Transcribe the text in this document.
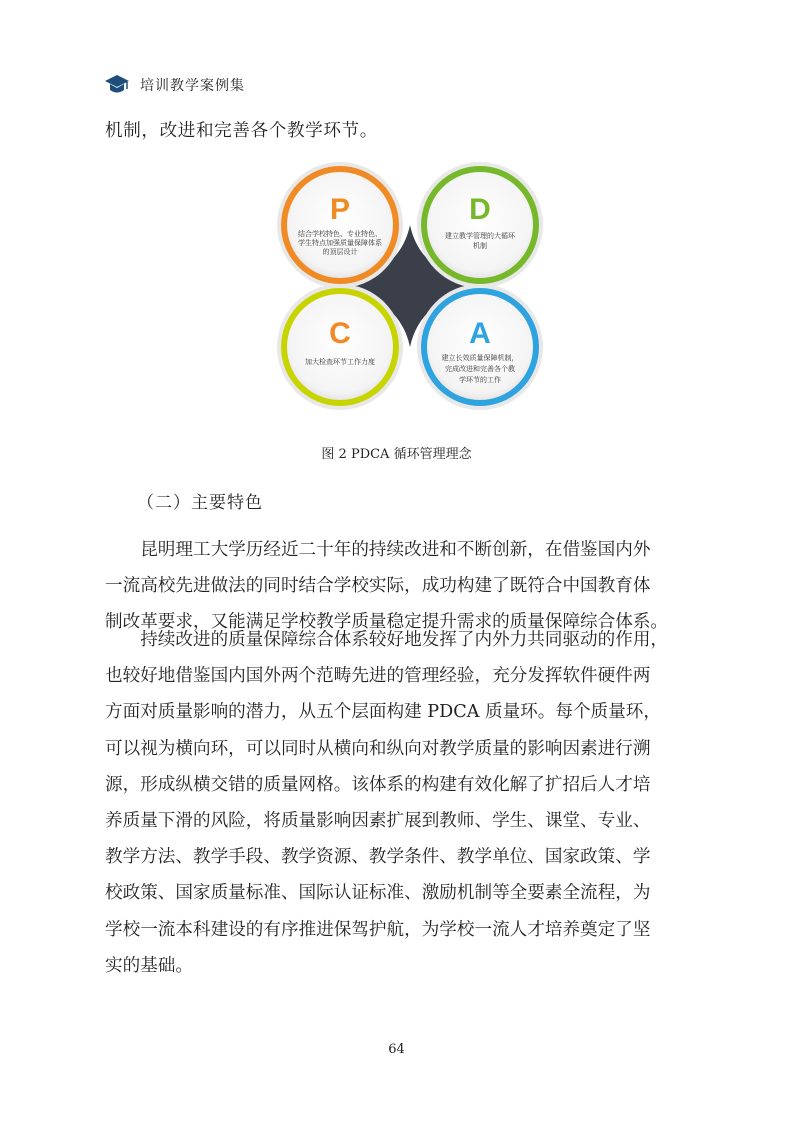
培训教学案例集
机制，改进和完善各个教学环节。
P
结合学校特色、专业特色、
学生特点加强质量保障体系
的顶层设计
D
建立教学管理的大循环
机制
C
加大检查环节工作力度
A
建立长效质量保障机制，
完成改进和完善各个教
学环节的工作
图 2 PDCA 循环管理理念
（二）主要特色
　　昆明理工大学历经近二十年的持续改进和不断创新，在借鉴国内外
一流高校先进做法的同时结合学校实际，成功构建了既符合中国教育体
制改革要求，又能满足学校教学质量稳定提升需求的质量保障综合体系。
　　持续改进的质量保障综合体系较好地发挥了内外力共同驱动的作用，
也较好地借鉴国内国外两个范畴先进的管理经验，充分发挥软件硬件两
方面对质量影响的潜力，从五个层面构建 PDCA 质量环。每个质量环，
可以视为横向环，可以同时从横向和纵向对教学质量的影响因素进行溯
源，形成纵横交错的质量网格。该体系的构建有效化解了扩招后人才培
养质量下滑的风险，将质量影响因素扩展到教师、学生、课堂、专业、
教学方法、教学手段、教学资源、教学条件、教学单位、国家政策、学
校政策、国家质量标准、国际认证标准、激励机制等全要素全流程，为
学校一流本科建设的有序推进保驾护航，为学校一流人才培养奠定了坚
实的基础。
64
